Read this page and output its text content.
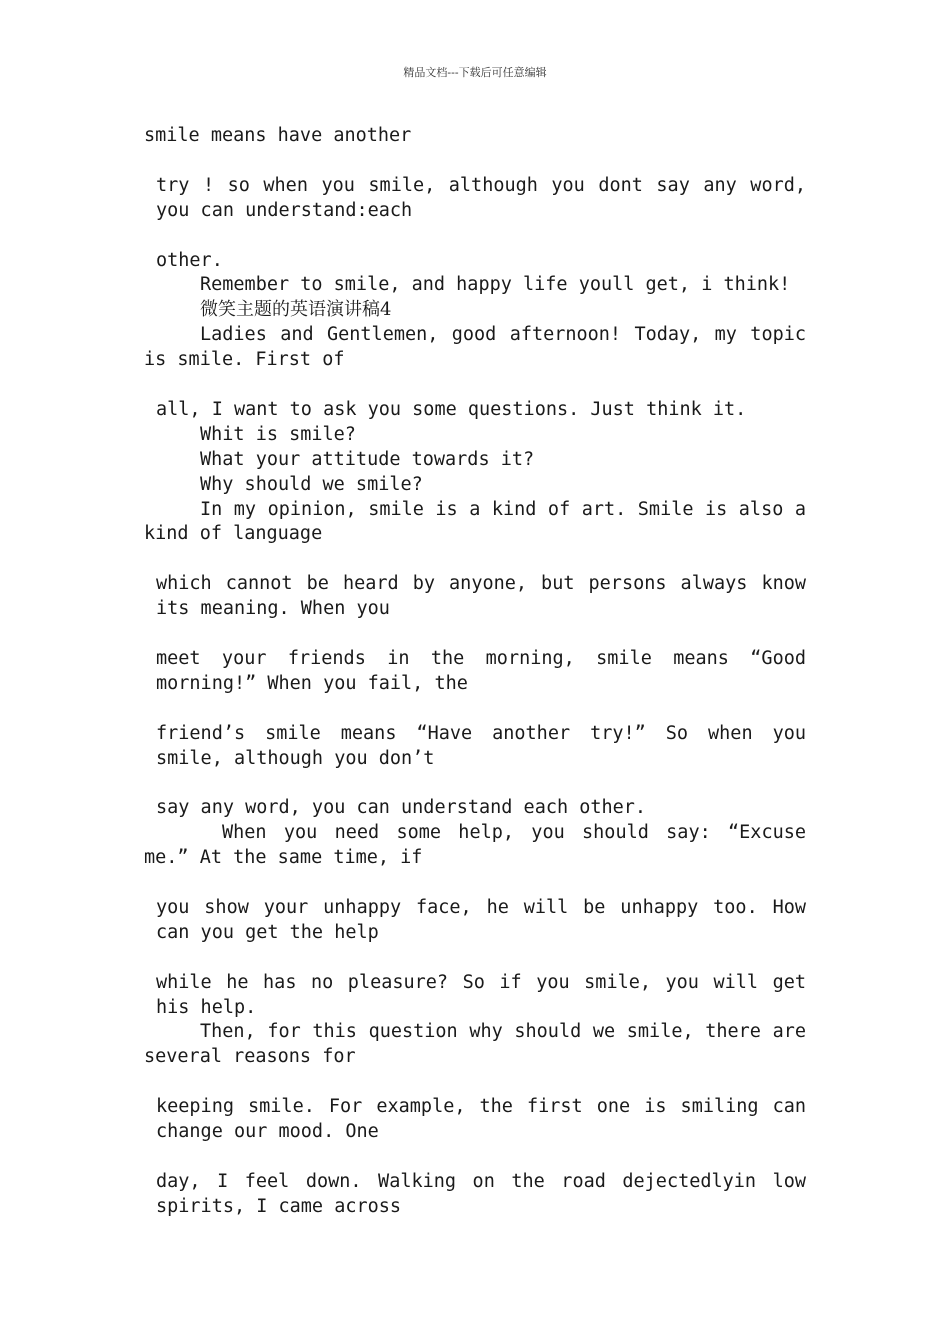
精品文档---下载后可任意编辑

smile means have another

try ! so when you smile, although you dont say any word, you can understand:each

other.

Remember to smile, and happy life youll get, i think!

微笑主题的英语演讲稿4

Ladies and Gentlemen, good afternoon! Today, my topic is smile. First of

all, I want to ask you some questions. Just think it.

Whit is smile?

What your attitude towards it?

Why should we smile?

In my opinion, smile is a kind of art. Smile is also a kind of language

which cannot be heard by anyone, but persons always know its meaning. When you

meet your friends in the morning, smile means “Good morning!” When you fail, the

friend’s smile means “Have another try!” So when you smile, although you don’t

say any word, you can understand each other.

When you need some help, you should say: “Excuse me.” At the same time, if

you show your unhappy face, he will be unhappy too. How can you get the help

while he has no pleasure? So if you smile, you will get his help.

Then, for this question why should we smile, there are several reasons for

keeping smile. For example, the first one is smiling can change our mood. One

day, I feel down. Walking on the road dejectedlyin low spirits, I came across
